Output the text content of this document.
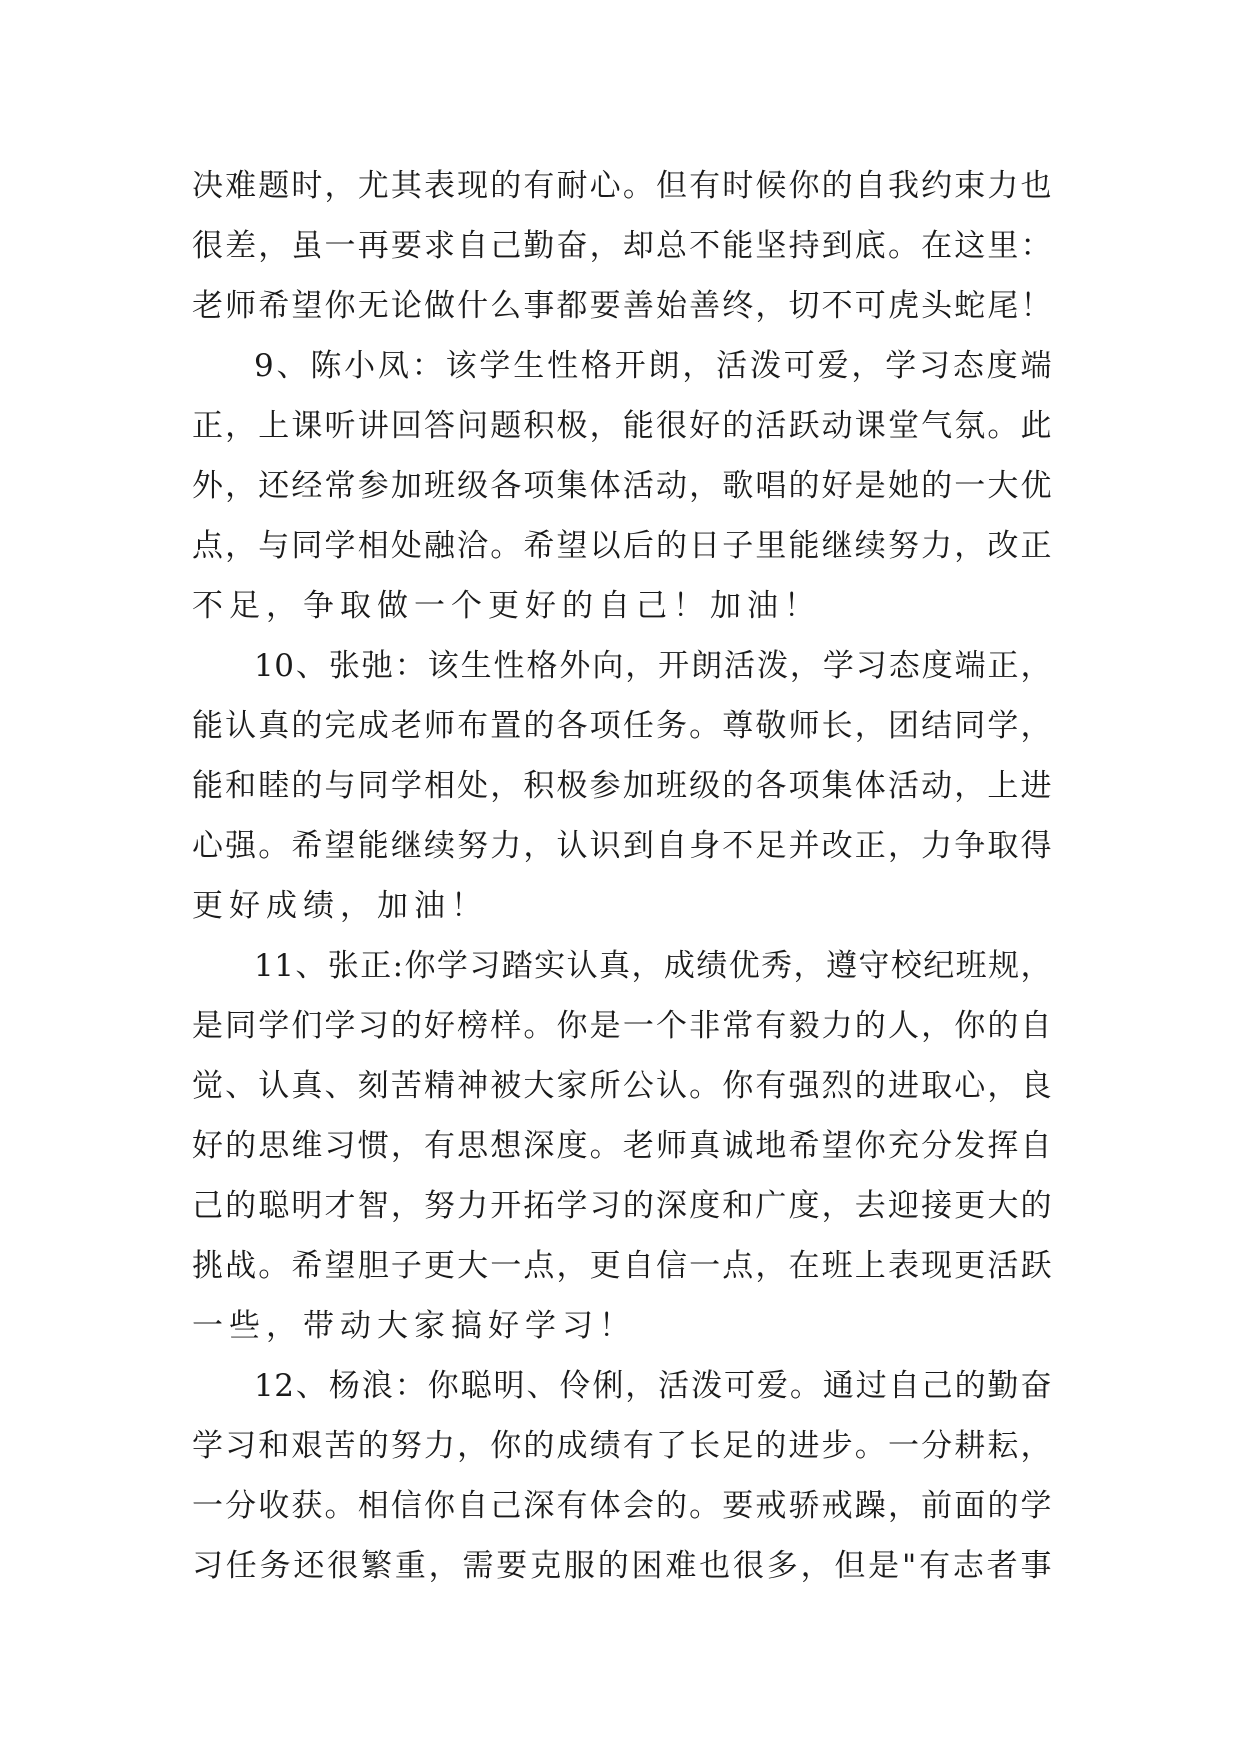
决难题时，尤其表现的有耐心。但有时候你的自我约束力也
很差，虽一再要求自己勤奋，却总不能坚持到底。在这里：
老师希望你无论做什么事都要善始善终，切不可虎头蛇尾！
9、陈小凤：该学生性格开朗，活泼可爱，学习态度端
正，上课听讲回答问题积极，能很好的活跃动课堂气氛。此
外，还经常参加班级各项集体活动，歌唱的好是她的一大优
点，与同学相处融洽。希望以后的日子里能继续努力，改正
不足，争取做一个更好的自己！加油！
10、张弛：该生性格外向，开朗活泼，学习态度端正，
能认真的完成老师布置的各项任务。尊敬师长，团结同学，
能和睦的与同学相处，积极参加班级的各项集体活动，上进
心强。希望能继续努力，认识到自身不足并改正，力争取得
更好成绩，加油！
11、张正:你学习踏实认真，成绩优秀，遵守校纪班规，
是同学们学习的好榜样。你是一个非常有毅力的人，你的自
觉、认真、刻苦精神被大家所公认。你有强烈的进取心，良
好的思维习惯，有思想深度。老师真诚地希望你充分发挥自
己的聪明才智，努力开拓学习的深度和广度，去迎接更大的
挑战。希望胆子更大一点，更自信一点，在班上表现更活跃
一些，带动大家搞好学习！
12、杨浪：你聪明、伶俐，活泼可爱。通过自己的勤奋
学习和艰苦的努力，你的成绩有了长足的进步。一分耕耘，
一分收获。相信你自己深有体会的。要戒骄戒躁，前面的学
习任务还很繁重，需要克服的困难也很多，但是"有志者事
